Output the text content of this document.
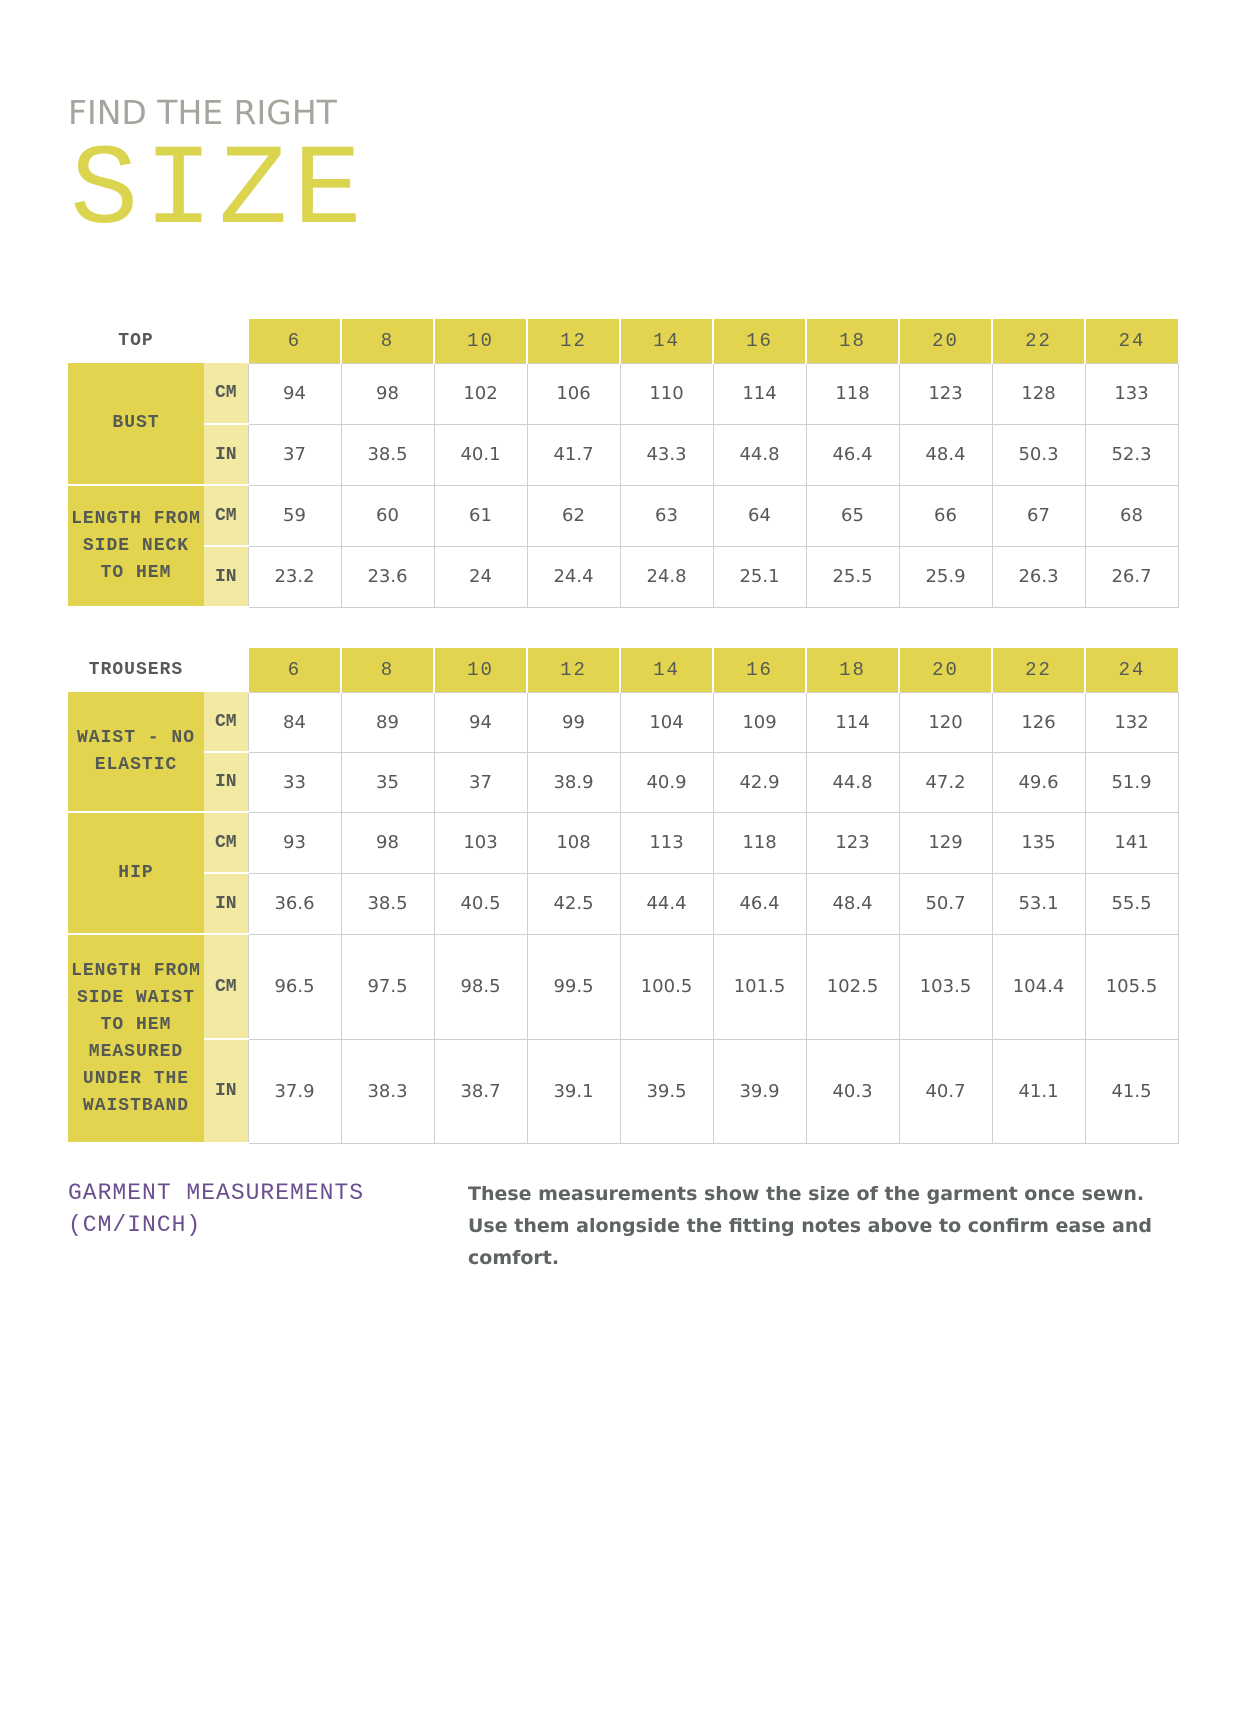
FIND THE RIGHT
SIZE
TOP		6	8	10	12	14	16	18	20	22	24
BUST	CM	94	98	102	106	110	114	118	123	128	133
	IN	37	38.5	40.1	41.7	43.3	44.8	46.4	48.4	50.3	52.3
LENGTH FROM SIDE NECK TO HEM	CM	59	60	61	62	63	64	65	66	67	68
	IN	23.2	23.6	24	24.4	24.8	25.1	25.5	25.9	26.3	26.7
TROUSERS		6	8	10	12	14	16	18	20	22	24
WAIST - NO ELASTIC	CM	84	89	94	99	104	109	114	120	126	132
	IN	33	35	37	38.9	40.9	42.9	44.8	47.2	49.6	51.9
HIP	CM	93	98	103	108	113	118	123	129	135	141
	IN	36.6	38.5	40.5	42.5	44.4	46.4	48.4	50.7	53.1	55.5
LENGTH FROM SIDE WAIST TO HEM MEASURED UNDER THE WAISTBAND	CM	96.5	97.5	98.5	99.5	100.5	101.5	102.5	103.5	104.4	105.5
	IN	37.9	38.3	38.7	39.1	39.5	39.9	40.3	40.7	41.1	41.5
GARMENT MEASUREMENTS
(CM/INCH)
These measurements show the size of the garment once sewn. Use them alongside the fitting notes above to confirm ease and comfort.
